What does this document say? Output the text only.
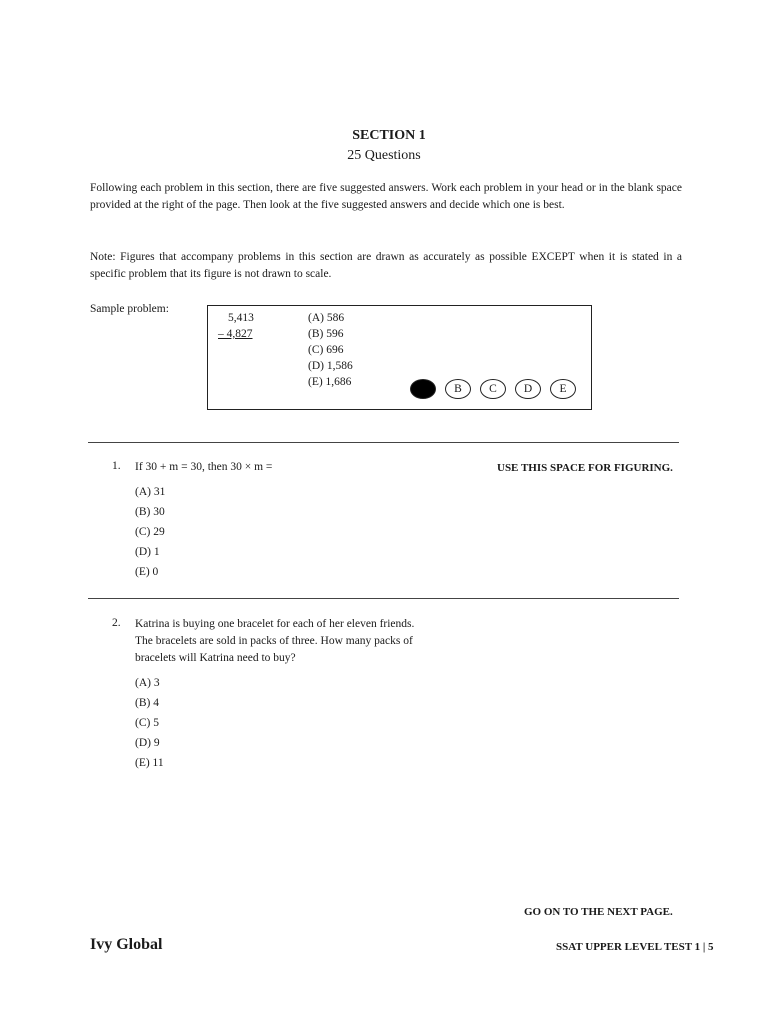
SECTION 1
25 Questions
Following each problem in this section, there are five suggested answers. Work each problem in your head or in the blank space provided at the right of the page. Then look at the five suggested answers and decide which one is best.
Note: Figures that accompany problems in this section are drawn as accurately as possible EXCEPT when it is stated in a specific problem that its figure is not drawn to scale.
Sample problem:
5,413
– 4,827
(A) 586
(B) 596
(C) 696
(D) 1,586
(E) 1,686
B	C	D	E
1. If 30 + m = 30, then 30 × m =	USE THIS SPACE FOR FIGURING.
(A) 31
(B) 30
(C) 29
(D) 1
(E) 0
2. Katrina is buying one bracelet for each of her eleven friends. The bracelets are sold in packs of three. How many packs of bracelets will Katrina need to buy?
(A) 3
(B) 4
(C) 5
(D) 9
(E) 11
GO ON TO THE NEXT PAGE.
Ivy Global	SSAT UPPER LEVEL TEST 1 | 5
